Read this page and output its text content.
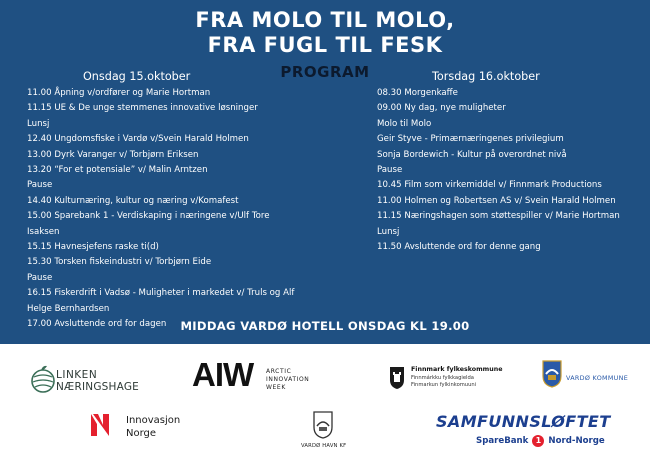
FRA MOLO TIL MOLO,
FRA FUGL TIL FESK
PROGRAM
Onsdag 15.oktober
11.00 Åpning v/ordfører og Marie Hortman
11.15 UE & De unge stemmenes innovative løsninger
Lunsj
12.40 Ungdomsfiske i Vardø v/Svein Harald Holmen
13.00 Dyrk Varanger v/ Torbjørn Eriksen
13.20 “For et potensiale” v/ Malin Arntzen
Pause
14.40 Kulturnæring, kultur og næring v/Komafest
15.00 Sparebank 1 - Verdiskaping i næringene v/Ulf Tore
Isaksen
15.15 Havnesjefens raske ti(d)
15.30 Torsken fiskeindustri v/ Torbjørn Eide
Pause
16.15 Fiskerdrift i Vadsø - Muligheter i markedet v/ Truls og Alf
Helge Bernhardsen
17.00 Avsluttende ord for dagen
Torsdag 16.oktober
08.30 Morgenkaffe
09.00 Ny dag, nye muligheter
Molo til Molo
Geir Styve - Primærnæringenes privilegium
Sonja Bordewich - Kultur på overordnet nivå
Pause
10.45 Film som virkemiddel v/ Finnmark Productions
11.00 Holmen og Robertsen AS v/ Svein Harald Holmen
11.15 Næringshagen som støttespiller v/ Marie Hortman
Lunsj
11.50 Avsluttende ord for denne gang
MIDDAG VARDØ HOTELL ONSDAG KL 19.00
LINKEN
NÆRINGSHAGE AIW ARCTIC
INNOVATION
WEEK
Finnmark fylkeskommune
Finnmárkku fylkkagielda
Finmarkun fylkinkomuuni
VARDØ KOMMUNE
Innovasjon
Norge
VARDØ HAVN KF
SAMFUNNSLØFTET
SpareBank 1 Nord-Norge
